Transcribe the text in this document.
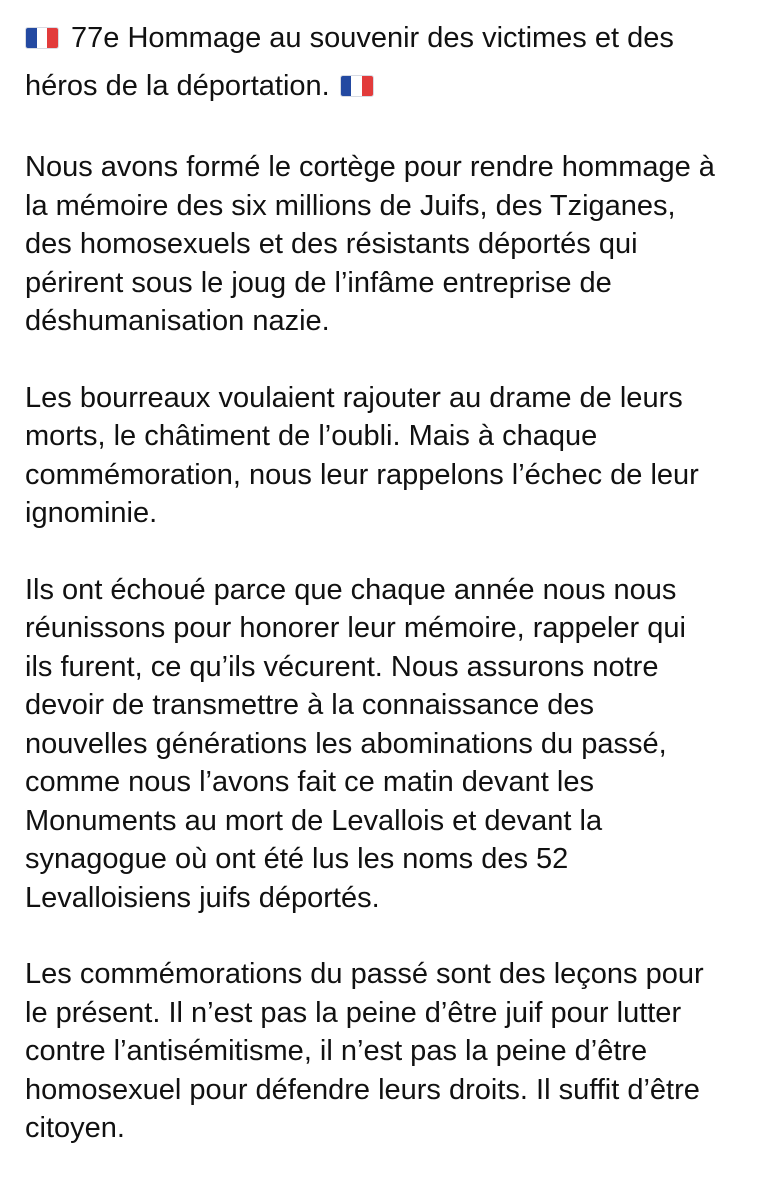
77e Hommage au souvenir des victimes et des
héros de la déportation.

Nous avons formé le cortège pour rendre hommage à
la mémoire des six millions de Juifs, des Tziganes,
des homosexuels et des résistants déportés qui
périrent sous le joug de l’infâme entreprise de
déshumanisation nazie.

Les bourreaux voulaient rajouter au drame de leurs
morts, le châtiment de l’oubli. Mais à chaque
commémoration, nous leur rappelons l’échec de leur
ignominie.

Ils ont échoué parce que chaque année nous nous
réunissons pour honorer leur mémoire, rappeler qui
ils furent, ce qu’ils vécurent. Nous assurons notre
devoir de transmettre à la connaissance des
nouvelles générations les abominations du passé,
comme nous l’avons fait ce matin devant les
Monuments au mort de Levallois et devant la
synagogue où ont été lus les noms des 52
Levalloisiens juifs déportés.

Les commémorations du passé sont des leçons pour
le présent. Il n’est pas la peine d’être juif pour lutter
contre l’antisémitisme, il n’est pas la peine d’être
homosexuel pour défendre leurs droits. Il suffit d’être
citoyen.
